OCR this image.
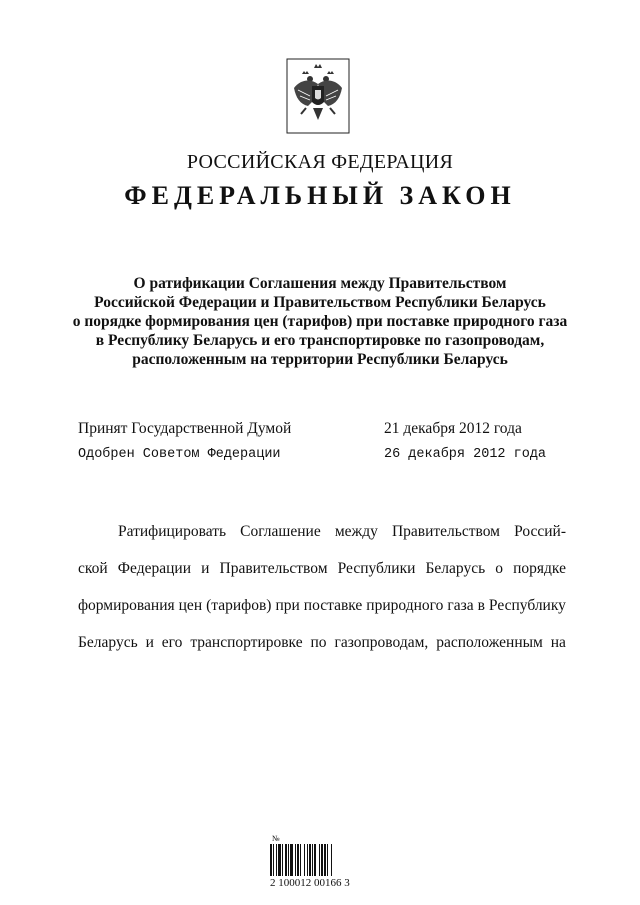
РОССИЙСКАЯ ФЕДЕРАЦИЯ
ФЕДЕРАЛЬНЫЙ ЗАКОН
О ратификации Соглашения между Правительством
Российской Федерации и Правительством Республики Беларусь
о порядке формирования цен (тарифов) при поставке природного газа
в Республику Беларусь и его транспортировке по газопроводам,
расположенным на территории Республики Беларусь
Принят Государственной Думой	21 декабря 2012 года
Одобрен Советом Федерации	26 декабря 2012 года
Ратифицировать Соглашение между Правительством Россий-
ской Федерации и Правительством Республики Беларусь о порядке
формирования цен (тарифов) при поставке природного газа в Республику
Беларусь и его транспортировке по газопроводам, расположенным на
№
2 100012 00166 3
